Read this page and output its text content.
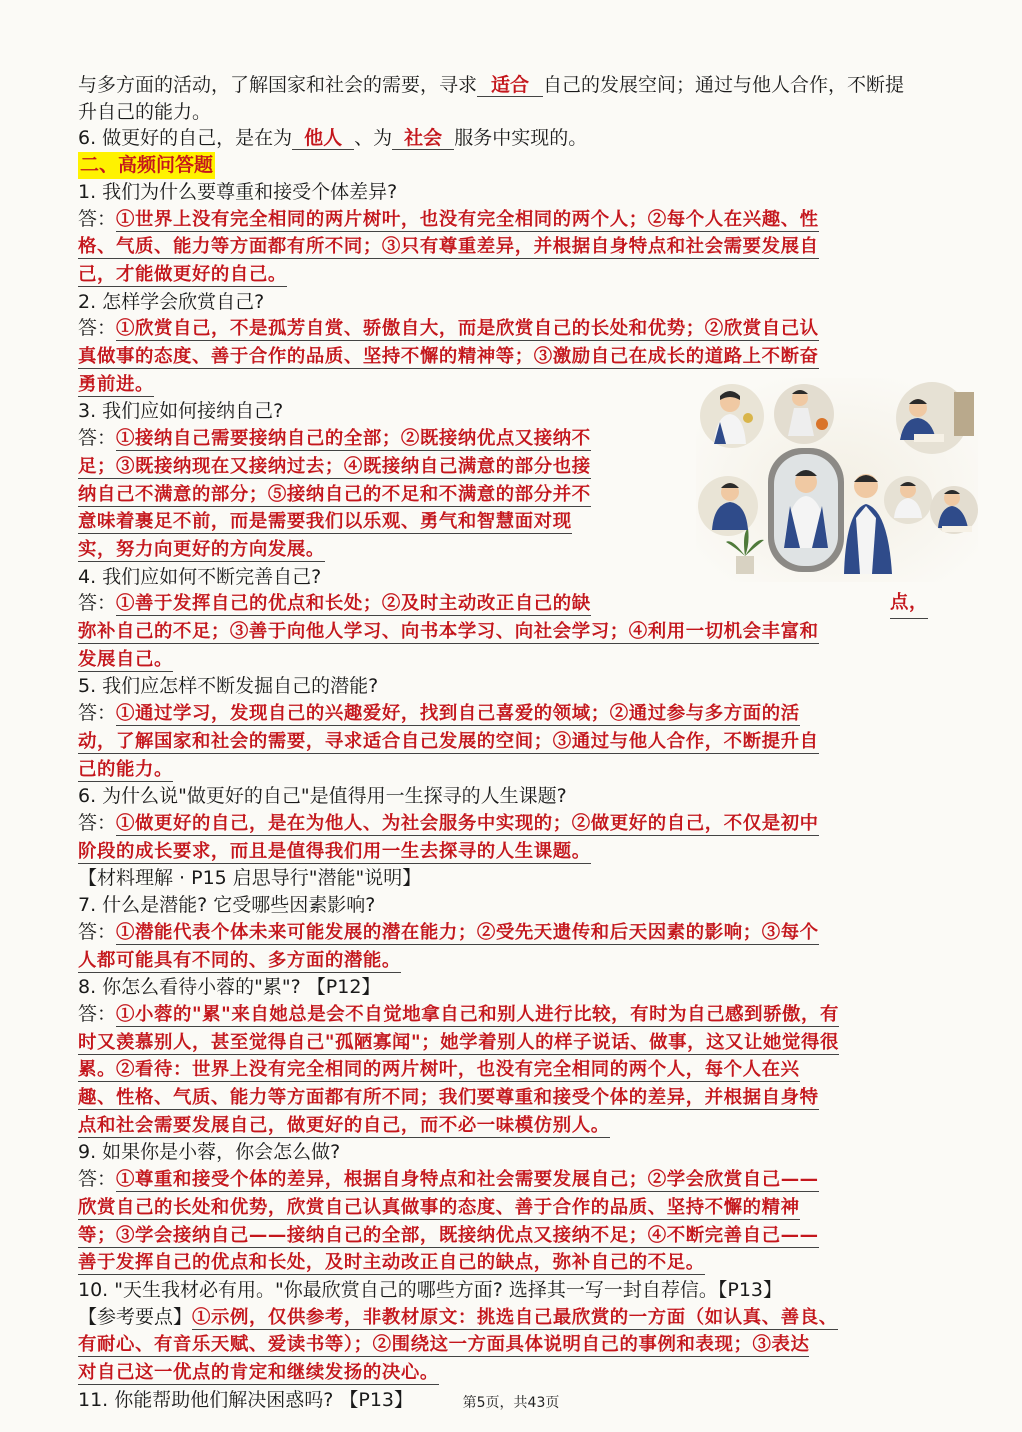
与多方面的活动，了解国家和社会的需要，寻求 适合 自己的发展空间；通过与他人合作，不断提
升自己的能力。
6. 做更好的自己，是在为 他人 、为 社会 服务中实现的。
二、高频问答题
1. 我们为什么要尊重和接受个体差异?
答：①世界上没有完全相同的两片树叶，也没有完全相同的两个人；②每个人在兴趣、性
格、气质、能力等方面都有所不同；③只有尊重差异，并根据自身特点和社会需要发展自
己，才能做更好的自己。
2. 怎样学会欣赏自己?
答：①欣赏自己，不是孤芳自赏、骄傲自大，而是欣赏自己的长处和优势；②欣赏自己认
真做事的态度、善于合作的品质、坚持不懈的精神等；③激励自己在成长的道路上不断奋
勇前进。
3. 我们应如何接纳自己?
答：①接纳自己需要接纳自己的全部；②既接纳优点又接纳不
足；③既接纳现在又接纳过去；④既接纳自己满意的部分也接
纳自己不满意的部分；⑤接纳自己的不足和不满意的部分并不
意味着裹足不前，而是需要我们以乐观、勇气和智慧面对现
实，努力向更好的方向发展。
4. 我们应如何不断完善自己?
答：①善于发挥自己的优点和长处；②及时主动改正自己的缺	点，
弥补自己的不足；③善于向他人学习、向书本学习、向社会学习；④利用一切机会丰富和
发展自己。
5. 我们应怎样不断发掘自己的潜能?
答：①通过学习，发现自己的兴趣爱好，找到自己喜爱的领域；②通过参与多方面的活
动，了解国家和社会的需要，寻求适合自己发展的空间；③通过与他人合作，不断提升自
己的能力。
6. 为什么说"做更好的自己"是值得用一生探寻的人生课题?
答：①做更好的自己，是在为他人、为社会服务中实现的；②做更好的自己，不仅是初中
阶段的成长要求，而且是值得我们用一生去探寻的人生课题。
【材料理解 · P15 启思导行"潜能"说明】
7. 什么是潜能? 它受哪些因素影响?
答：①潜能代表个体未来可能发展的潜在能力；②受先天遗传和后天因素的影响；③每个
人都可能具有不同的、多方面的潜能。
8. 你怎么看待小蓉的"累"? 【P12】
答：①小蓉的"累"来自她总是会不自觉地拿自己和别人进行比较，有时为自己感到骄傲，有
时又羡慕别人，甚至觉得自己"孤陋寡闻"；她学着别人的样子说话、做事，这又让她觉得很
累。②看待：世界上没有完全相同的两片树叶，也没有完全相同的两个人，每个人在兴
趣、性格、气质、能力等方面都有所不同；我们要尊重和接受个体的差异，并根据自身特
点和社会需要发展自己，做更好的自己，而不必一味模仿别人。
9. 如果你是小蓉，你会怎么做?
答：①尊重和接受个体的差异，根据自身特点和社会需要发展自己；②学会欣赏自己——
欣赏自己的长处和优势，欣赏自己认真做事的态度、善于合作的品质、坚持不懈的精神
等；③学会接纳自己——接纳自己的全部，既接纳优点又接纳不足；④不断完善自己——
善于发挥自己的优点和长处，及时主动改正自己的缺点，弥补自己的不足。
10. "天生我材必有用。"你最欣赏自己的哪些方面? 选择其一写一封自荐信。【P13】
【参考要点】①示例，仅供参考，非教材原文：挑选自己最欣赏的一方面（如认真、善良、
有耐心、有音乐天赋、爱读书等）；②围绕这一方面具体说明自己的事例和表现；③表达
对自己这一优点的肯定和继续发扬的决心。
11. 你能帮助他们解决困惑吗? 【P13】	第5页，共43页
